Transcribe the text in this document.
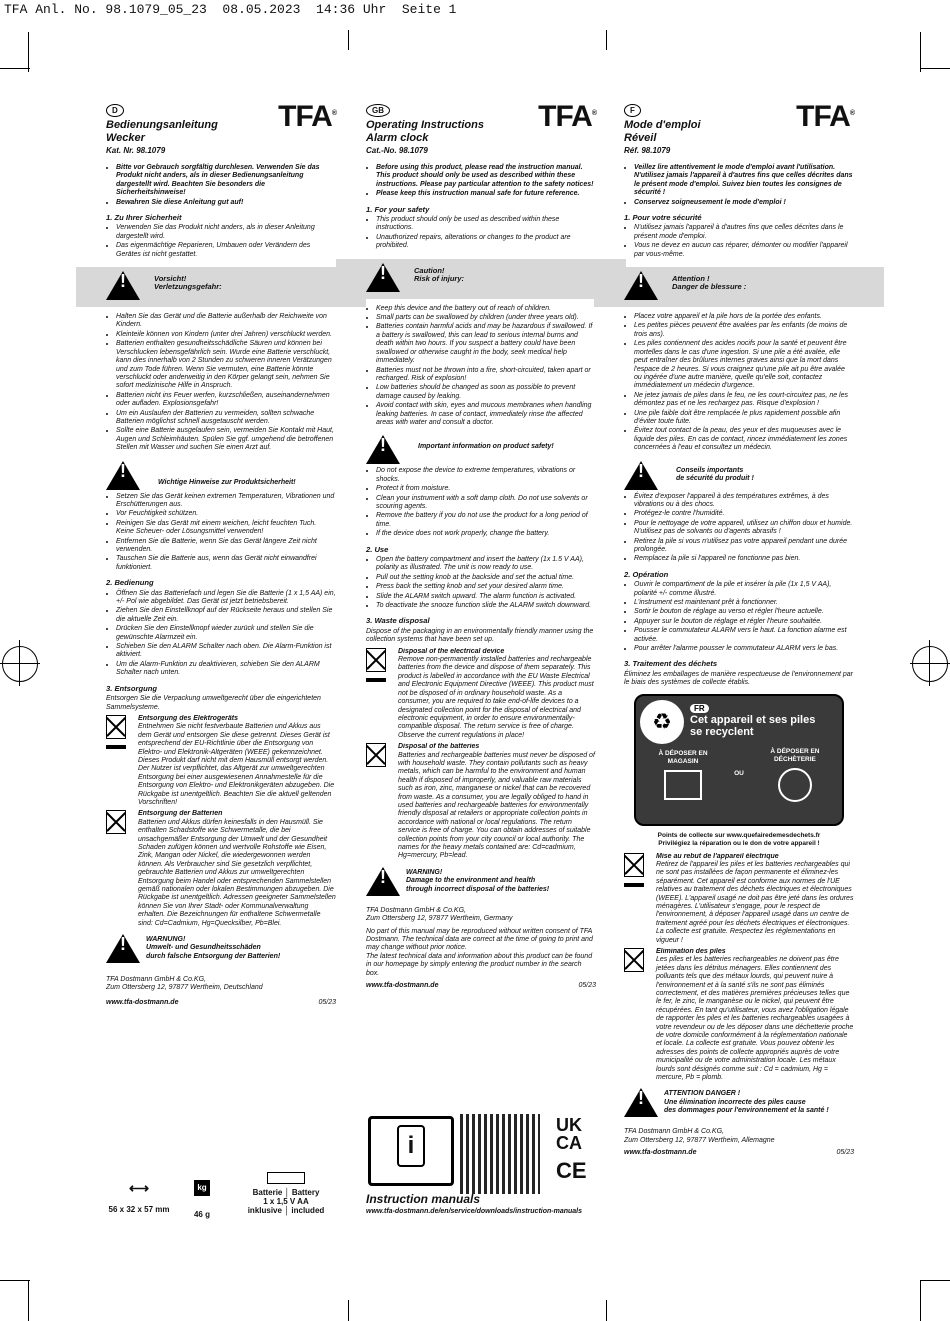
TFA Anl. No. 98.1079_05_23  08.05.2023  14:36 Uhr  Seite 1
D
Bedienungsanleitung
Wecker
Kat. Nr. 98.1079
TFA®
• Bitte vor Gebrauch sorgfältig durchlesen. Verwenden Sie das Produkt nicht anders, als in dieser Bedienungsanleitung dargestellt wird. Beachten Sie besonders die Sicherheitshinweise!
• Bewahren Sie diese Anleitung gut auf!
1. Zu Ihrer Sicherheit
• Verwenden Sie das Produkt nicht anders, als in dieser Anleitung dargestellt wird.
• Das eigenmächtige Reparieren, Umbauen oder Verändern des Gerätes ist nicht gestattet.
!
Vorsicht!
Verletzungsgefahr:
• Halten Sie das Gerät und die Batterie außerhalb der Reichweite von Kindern.
• Kleinteile können von Kindern (unter drei Jahren) verschluckt werden.
• Batterien enthalten gesundheitsschädliche Säuren und können bei Verschlucken lebensgefährlich sein. Wurde eine Batterie verschluckt, kann dies innerhalb von 2 Stunden zu schweren inneren Verätzungen und zum Tode führen. Wenn Sie vermuten, eine Batterie könnte verschluckt oder anderweitig in den Körper gelangt sein, nehmen Sie sofort medizinische Hilfe in Anspruch.
• Batterien nicht ins Feuer werfen, kurzschließen, auseinandernehmen oder aufladen. Explosionsgefahr!
• Um ein Auslaufen der Batterien zu vermeiden, sollten schwache Batterien möglichst schnell ausgetauscht werden.
• Sollte eine Batterie ausgelaufen sein, vermeiden Sie Kontakt mit Haut, Augen und Schleimhäuten. Spülen Sie ggf. umgehend die betroffenen Stellen mit Wasser und suchen Sie einen Arzt auf.
!
Wichtige Hinweise zur Produktsicherheit!
• Setzen Sie das Gerät keinen extremen Temperaturen, Vibrationen und Erschütterungen aus.
• Vor Feuchtigkeit schützen.
• Reinigen Sie das Gerät mit einem weichen, leicht feuchten Tuch. Keine Scheuer- oder Lösungsmittel verwenden!
• Entfernen Sie die Batterie, wenn Sie das Gerät längere Zeit nicht verwenden.
• Tauschen Sie die Batterie aus, wenn das Gerät nicht einwandfrei funktioniert.
2. Bedienung
• Öffnen Sie das Batteriefach und legen Sie die Batterie (1 x 1,5 AA) ein, +/- Pol wie abgebildet. Das Gerät ist jetzt betriebsbereit.
• Ziehen Sie den Einstellknopf auf der Rückseite heraus und stellen Sie die aktuelle Zeit ein.
• Drücken Sie den Einstellknopf wieder zurück und stellen Sie die gewünschte Alarmzeit ein.
• Schieben Sie den ALARM Schalter nach oben. Die Alarm-Funktion ist aktiviert.
• Um die Alarm-Funktion zu deaktivieren, schieben Sie den ALARM Schalter nach unten.
3. Entsorgung
Entsorgen Sie die Verpackung umweltgerecht über die eingerichteten Sammelsysteme.
Entsorgung des Elektrogeräts
Entnehmen Sie nicht festverbaute Batterien und Akkus aus dem Gerät und entsorgen Sie diese getrennt. Dieses Gerät ist entsprechend der EU-Richtlinie über die Entsorgung von Elektro- und Elektronik-Altgeräten (WEEE) gekennzeichnet. Dieses Produkt darf nicht mit dem Hausmüll entsorgt werden. Der Nutzer ist verpflichtet, das Altgerät zur umweltgerechten Entsorgung bei einer ausgewiesenen Annahmestelle für die Entsorgung von Elektro- und Elektronikgeräten abzugeben. Die Rückgabe ist unentgeltlich. Beachten Sie die aktuell geltenden Vorschriften!
Entsorgung der Batterien
Batterien und Akkus dürfen keinesfalls in den Hausmüll. Sie enthalten Schadstoffe wie Schwermetalle, die bei unsachgemäßer Entsorgung der Umwelt und der Gesundheit Schaden zufügen können und wertvolle Rohstoffe wie Eisen, Zink, Mangan oder Nickel, die wiedergewonnen werden können. Als Verbraucher sind Sie gesetzlich verpflichtet, gebrauchte Batterien und Akkus zur umweltgerechten Entsorgung beim Handel oder entsprechenden Sammelstellen gemäß nationalen oder lokalen Bestimmungen abzugeben. Die Rückgabe ist unentgeltlich. Adressen geeigneter Sammelstellen können Sie von Ihrer Stadt- oder Kommunalverwaltung erhalten. Die Bezeichnungen für enthaltene Schwermetalle sind: Cd=Cadmium, Hg=Quecksilber, Pb=Blei.
!
WARNUNG!
Umwelt- und Gesundheitsschäden
durch falsche Entsorgung der Batterien!
TFA Dostmann GmbH & Co.KG,
Zum Ottersberg 12, 97877 Wertheim, Deutschland
www.tfa-dostmann.de	05/23
GB
Operating Instructions
Alarm clock
Cat.-No. 98.1079
TFA®
• Before using this product, please read the instruction manual. This product should only be used as described within these instructions. Please pay particular attention to the safety notices!
• Please keep this instruction manual safe for future reference.
1. For your safety
• This product should only be used as described within these instructions.
• Unauthorized repairs, alterations or changes to the product are prohibited.
!
Caution!
Risk of injury:
• Keep this device and the battery out of reach of children.
• Small parts can be swallowed by children (under three years old).
• Batteries contain harmful acids and may be hazardous if swallowed. If a battery is swallowed, this can lead to serious internal burns and death within two hours. If you suspect a battery could have been swallowed or otherwise caught in the body, seek medical help immediately.
• Batteries must not be thrown into a fire, short-circuited, taken apart or recharged. Risk of explosion!
• Low batteries should be changed as soon as possible to prevent damage caused by leaking.
• Avoid contact with skin, eyes and mucous membranes when handling leaking batteries. In case of contact, immediately rinse the affected areas with water and consult a doctor.
!
Important information on product safety!
• Do not expose the device to extreme temperatures, vibrations or shocks.
• Protect it from moisture.
• Clean your instrument with a soft damp cloth. Do not use solvents or scouring agents.
• Remove the battery if you do not use the product for a long period of time.
• If the device does not work properly, change the battery.
2. Use
• Open the battery compartment and insert the battery (1x 1.5 V AA), polarity as illustrated. The unit is now ready to use.
• Pull out the setting knob at the backside and set the actual time.
• Press back the setting knob and set your desired alarm time.
• Slide the ALARM switch upward. The alarm function is activated.
• To deactivate the snooze function slide the ALARM switch downward.
3. Waste disposal
Dispose of the packaging in an environmentally friendly manner using the collection systems that have been set up.
Disposal of the electrical device
Remove non-permanently installed batteries and rechargeable batteries from the device and dispose of them separately. This product is labelled in accordance with the EU Waste Electrical and Electronic Equipment Directive (WEEE). This product must not be disposed of in ordinary household waste. As a consumer, you are required to take end-of-life devices to a designated collection point for the disposal of electrical and electronic equipment, in order to ensure environmentally-compatible disposal. The return service is free of charge. Observe the current regulations in place!
Disposal of the batteries
Batteries and rechargeable batteries must never be disposed of with household waste. They contain pollutants such as heavy metals, which can be harmful to the environment and human health if disposed of improperly, and valuable raw materials such as iron, zinc, manganese or nickel that can be recovered from waste. As a consumer, you are legally obliged to hand in used batteries and rechargeable batteries for environmentally friendly disposal at retailers or appropriate collection points in accordance with national or local regulations. The return service is free of charge. You can obtain addresses of suitable collection points from your city council or local authority. The names for the heavy metals contained are: Cd=cadmium, Hg=mercury, Pb=lead.
!
WARNING!
Damage to the environment and health
through incorrect disposal of the batteries!
TFA Dostmann GmbH & Co.KG,
Zum Ottersberg 12, 97877 Wertheim, Germany
No part of this manual may be reproduced without written consent of TFA Dostmann. The technical data are correct at the time of going to print and may change without prior notice.
The latest technical data and information about this product can be found in our homepage by simply entering the product number in the search box.
www.tfa-dostmann.de	05/23
F
Mode d'emploi
Réveil
Réf. 98.1079
TFA®
• Veillez lire attentivement le mode d'emploi avant l'utilisation. N'utilisez jamais l'appareil à d'autres fins que celles décrites dans le présent mode d'emploi. Suivez bien toutes les consignes de sécurité !
• Conservez soigneusement le mode d'emploi !
1. Pour votre sécurité
• N'utilisez jamais l'appareil à d'autres fins que celles décrites dans le présent mode d'emploi.
• Vous ne devez en aucun cas réparer, démonter ou modifier l'appareil par vous-même.
!
Attention !
Danger de blessure :
• Placez votre appareil et la pile hors de la portée des enfants.
• Les petites pièces peuvent être avalées par les enfants (de moins de trois ans).
• Les piles contiennent des acides nocifs pour la santé et peuvent être mortelles dans le cas d'une ingestion. Si une pile a été avalée, elle peut entraîner des brûlures internes graves ainsi que la mort dans l'espace de 2 heures. Si vous craignez qu'une pile ait pu être avalée ou ingérée d'une autre manière, quelle qu'elle soit, contactez immédiatement un médecin d'urgence.
• Ne jetez jamais de piles dans le feu, ne les court-circuitez pas, ne les démontez pas et ne les rechargez pas. Risque d'explosion !
• Une pile faible doit être remplacée le plus rapidement possible afin d'éviter toute fuite.
• Évitez tout contact de la peau, des yeux et des muqueuses avec le liquide des piles. En cas de contact, rincez immédiatement les zones concernées à l'eau et consultez un médecin.
!
Conseils importants
de sécurité du produit !
• Évitez d'exposer l'appareil à des températures extrêmes, à des vibrations ou à des chocs.
• Protégez-le contre l'humidité.
• Pour le nettoyage de votre appareil, utilisez un chiffon doux et humide. N'utilisez pas de solvants ou d'agents abrasifs !
• Retirez la pile si vous n'utilisez pas votre appareil pendant une durée prolongée.
• Remplacez la pile si l'appareil ne fonctionne pas bien.
2. Opération
• Ouvrir le compartiment de la pile et insérer la pile (1x 1,5 V AA), polarité +/- comme illustré.
• L'instrument est maintenant prêt à fonctionner.
• Sortir le bouton de réglage au verso et régler l'heure actuelle.
• Appuyer sur le bouton de réglage et régler l'heure souhaitée.
• Pousser le commutateur ALARM vers le haut. La fonction alarme est activée.
• Pour arrêter l'alarme pousser le commutateur ALARM vers le bas.
3. Traitement des déchets
Éliminez les emballages de manière respectueuse de l'environnement par le biais des systèmes de collecte établis.
♻
FR
Cet appareil et ses piles
se recyclent
À DÉPOSER EN MAGASIN
OU
À DÉPOSER EN DÉCHÈTERIE
Points de collecte sur www.quefairedemesdechets.fr
Privilégiez la réparation ou le don de votre appareil !
Mise au rebut de l'appareil électrique
Retirez de l'appareil les piles et les batteries rechargeables qui ne sont pas installées de façon permanente et éliminez-les séparément. Cet appareil est conforme aux normes de l'UE relatives au traitement des déchets électriques et électroniques (WEEE). L'appareil usagé ne doit pas être jeté dans les ordures ménagères. L'utilisateur s'engage, pour le respect de l'environnement, à déposer l'appareil usagé dans un centre de traitement agréé pour les déchets électriques et électroniques. La collecte est gratuite. Respectez les réglementations en vigueur !
Élimination des piles
Les piles et les batteries rechargeables ne doivent pas être jetées dans les détritus ménagers. Elles contiennent des polluants tels que des métaux lourds, qui peuvent nuire à l'environnement et à la santé s'ils ne sont pas éliminés correctement, et des matières premières précieuses telles que le fer, le zinc, le manganèse ou le nickel, qui peuvent être récupérées. En tant qu'utilisateur, vous avez l'obligation légale de rapporter les piles et les batteries rechargeables usagées à votre revendeur ou de les déposer dans une déchetterie proche de votre domicile conformément à la réglementation nationale et locale. La collecte est gratuite. Vous pouvez obtenir les adresses des points de collecte appropriés auprès de votre municipalité ou de votre administration locale. Les métaux lourds sont désignés comme suit : Cd = cadmium, Hg = mercure, Pb = plomb.
!
ATTENTION DANGER !
Une élimination incorrecte des piles cause
des dommages pour l'environnement et la santé !
TFA Dostmann GmbH & Co.KG,
Zum Ottersberg 12, 97877 Wertheim, Allemagne
www.tfa-dostmann.de	05/23
⟷
56 x 32 x 57 mm
kg
46 g
Batterie │ Battery
1 x 1,5 V AA
inklusive │ included
i
UK
CA
CE
Instruction manuals
www.tfa-dostmann.de/en/service/downloads/instruction-manuals
